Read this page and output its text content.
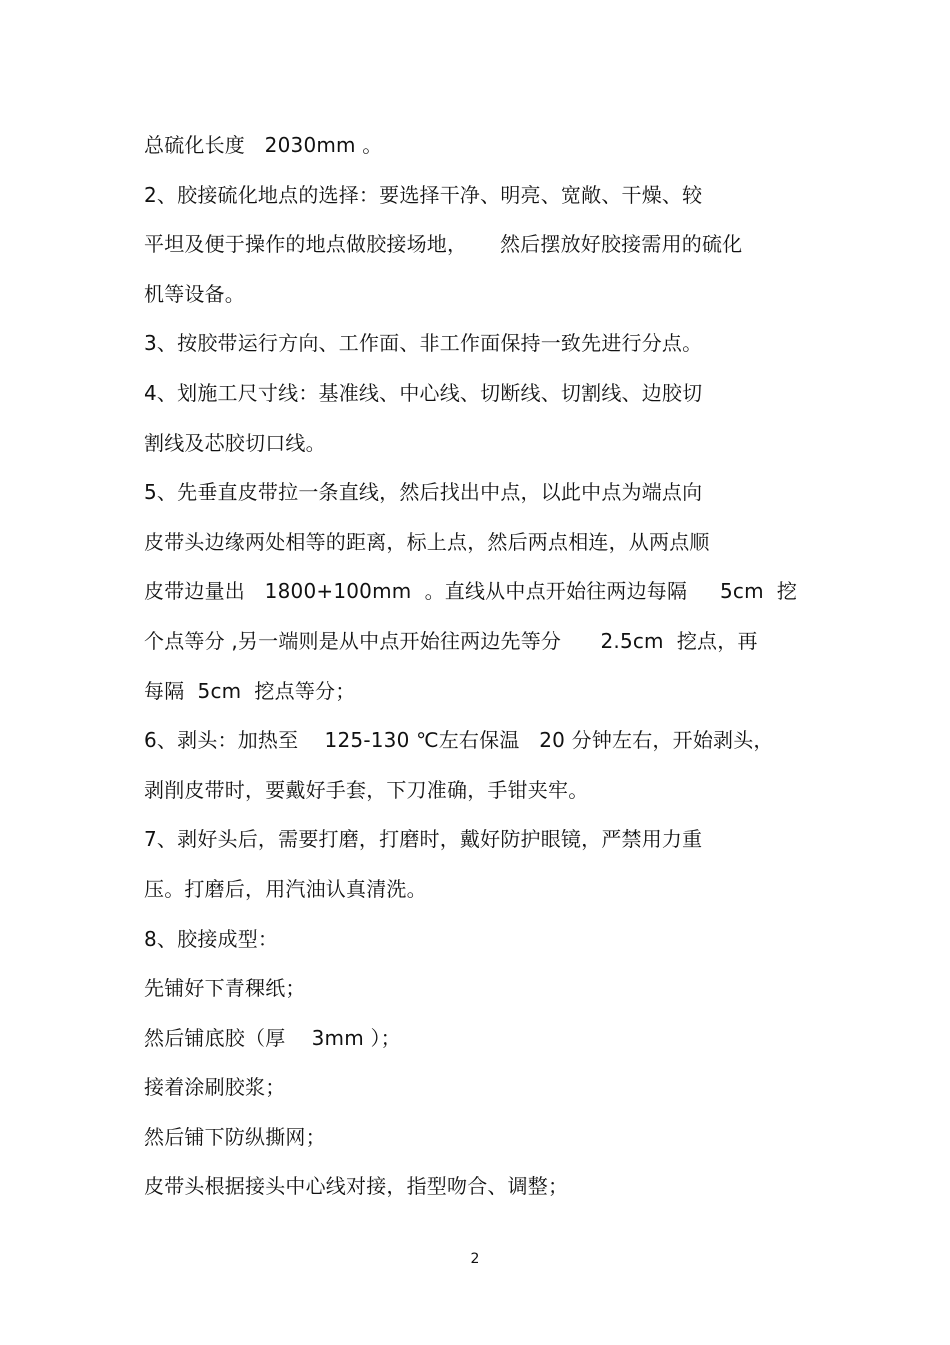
总硫化长度   2030mm 。
2、胶接硫化地点的选择：要选择干净、明亮、宽敞、干燥、较
平坦及便于操作的地点做胶接场地，     然后摆放好胶接需用的硫化
机等设备。
3、按胶带运行方向、工作面、非工作面保持一致先进行分点。
4、划施工尺寸线：基准线、中心线、切断线、切割线、边胶切
割线及芯胶切口线。
5、先垂直皮带拉一条直线，然后找出中点，以此中点为端点向
皮带头边缘两处相等的距离，标上点，然后两点相连，从两点顺
皮带边量出   1800+100mm  。直线从中点开始往两边每隔     5cm  挖
个点等分 ,另一端则是从中点开始往两边先等分      2.5cm  挖点，再
每隔  5cm  挖点等分；
6、剥头：加热至    125-130 ℃左右保温   20 分钟左右，开始剥头，
剥削皮带时，要戴好手套，下刀准确，手钳夹牢。
7、剥好头后，需要打磨，打磨时，戴好防护眼镜，严禁用力重
压。打磨后，用汽油认真清洗。
8、胶接成型：
先铺好下青稞纸；
然后铺底胶（厚    3mm ）；
接着涂刷胶浆；
然后铺下防纵撕网；
皮带头根据接头中心线对接，指型吻合、调整；
2
